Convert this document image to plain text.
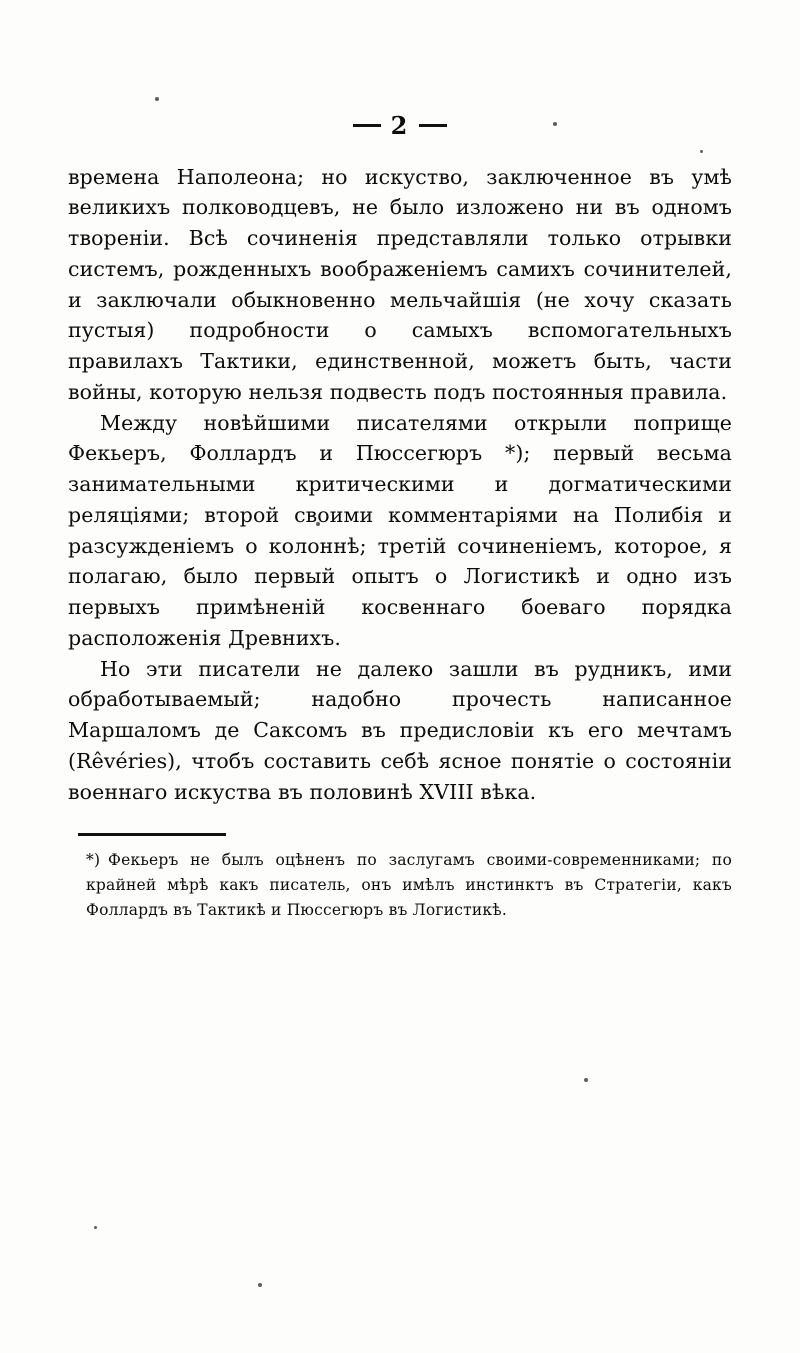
2

времена Наполеона; но искуство, заключенное въ умѣ великихъ полководцевъ, не было изложено ни въ одномъ твореніи. Всѣ сочиненія представляли только отрывки системъ, рожденныхъ воображеніемъ самихъ сочинителей, и заключали обыкновенно мельчайшія (не хочу сказать пустыя) подробности о самыхъ вспомогательныхъ правилахъ Тактики, единственной, можетъ быть, части войны, которую нельзя подвесть подъ постоянныя правила.

Между новѣйшими писателями открыли поприще Фекьеръ, Фоллардъ и Пюссегюръ *); первый весьма занимательными критическими и догматическими реляціями; второй своими комментаріями на Полибія и разсужденіемъ о колоннѣ; третій сочиненіемъ, которое, я полагаю, было первый опытъ о Логистикѣ и одно изъ первыхъ примѣненій косвеннаго боеваго порядка расположенія Древнихъ.

Но эти писатели не далеко зашли въ рудникъ, ими обработываемый; надобно прочесть написанное Маршаломъ де Саксомъ въ предисловіи къ его мечтамъ (Rêvéries), чтобъ составить себѣ ясное понятіе о состояніи военнаго искуства въ половинѣ XVIII вѣка.

*) Фекьеръ не былъ оцѣненъ по заслугамъ своими-современниками; по крайней мѣрѣ какъ писатель, онъ имѣлъ инстинктъ въ Стратегіи, какъ Фоллардъ въ Тактикѣ и Пюссегюръ въ Логистикѣ.
